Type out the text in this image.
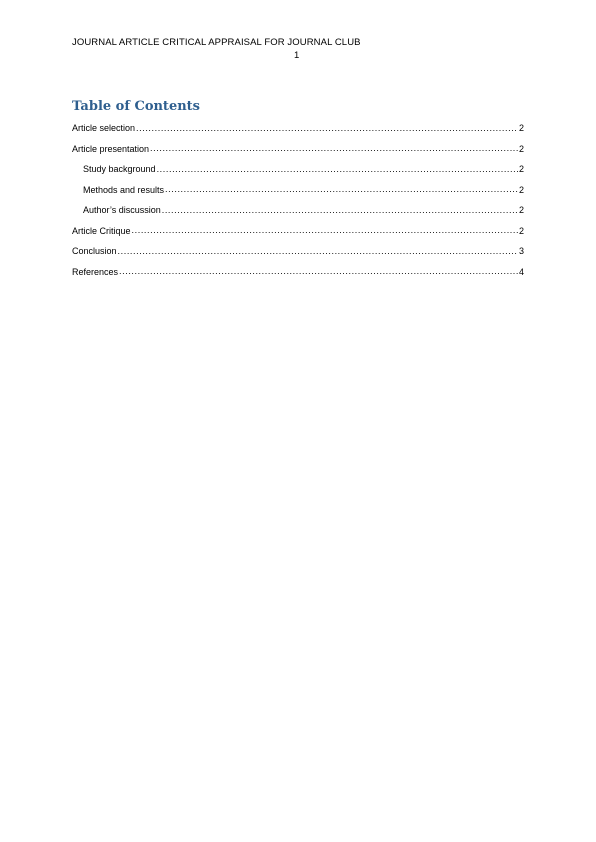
JOURNAL ARTICLE CRITICAL APPRAISAL FOR JOURNAL CLUB
1
Table of Contents
Article selection .....	2
Article presentation .....	2
Study background .....	2
Methods and results .....	2
Author’s discussion .....	2
Article Critique .....	2
Conclusion .....	3
References .....	4
